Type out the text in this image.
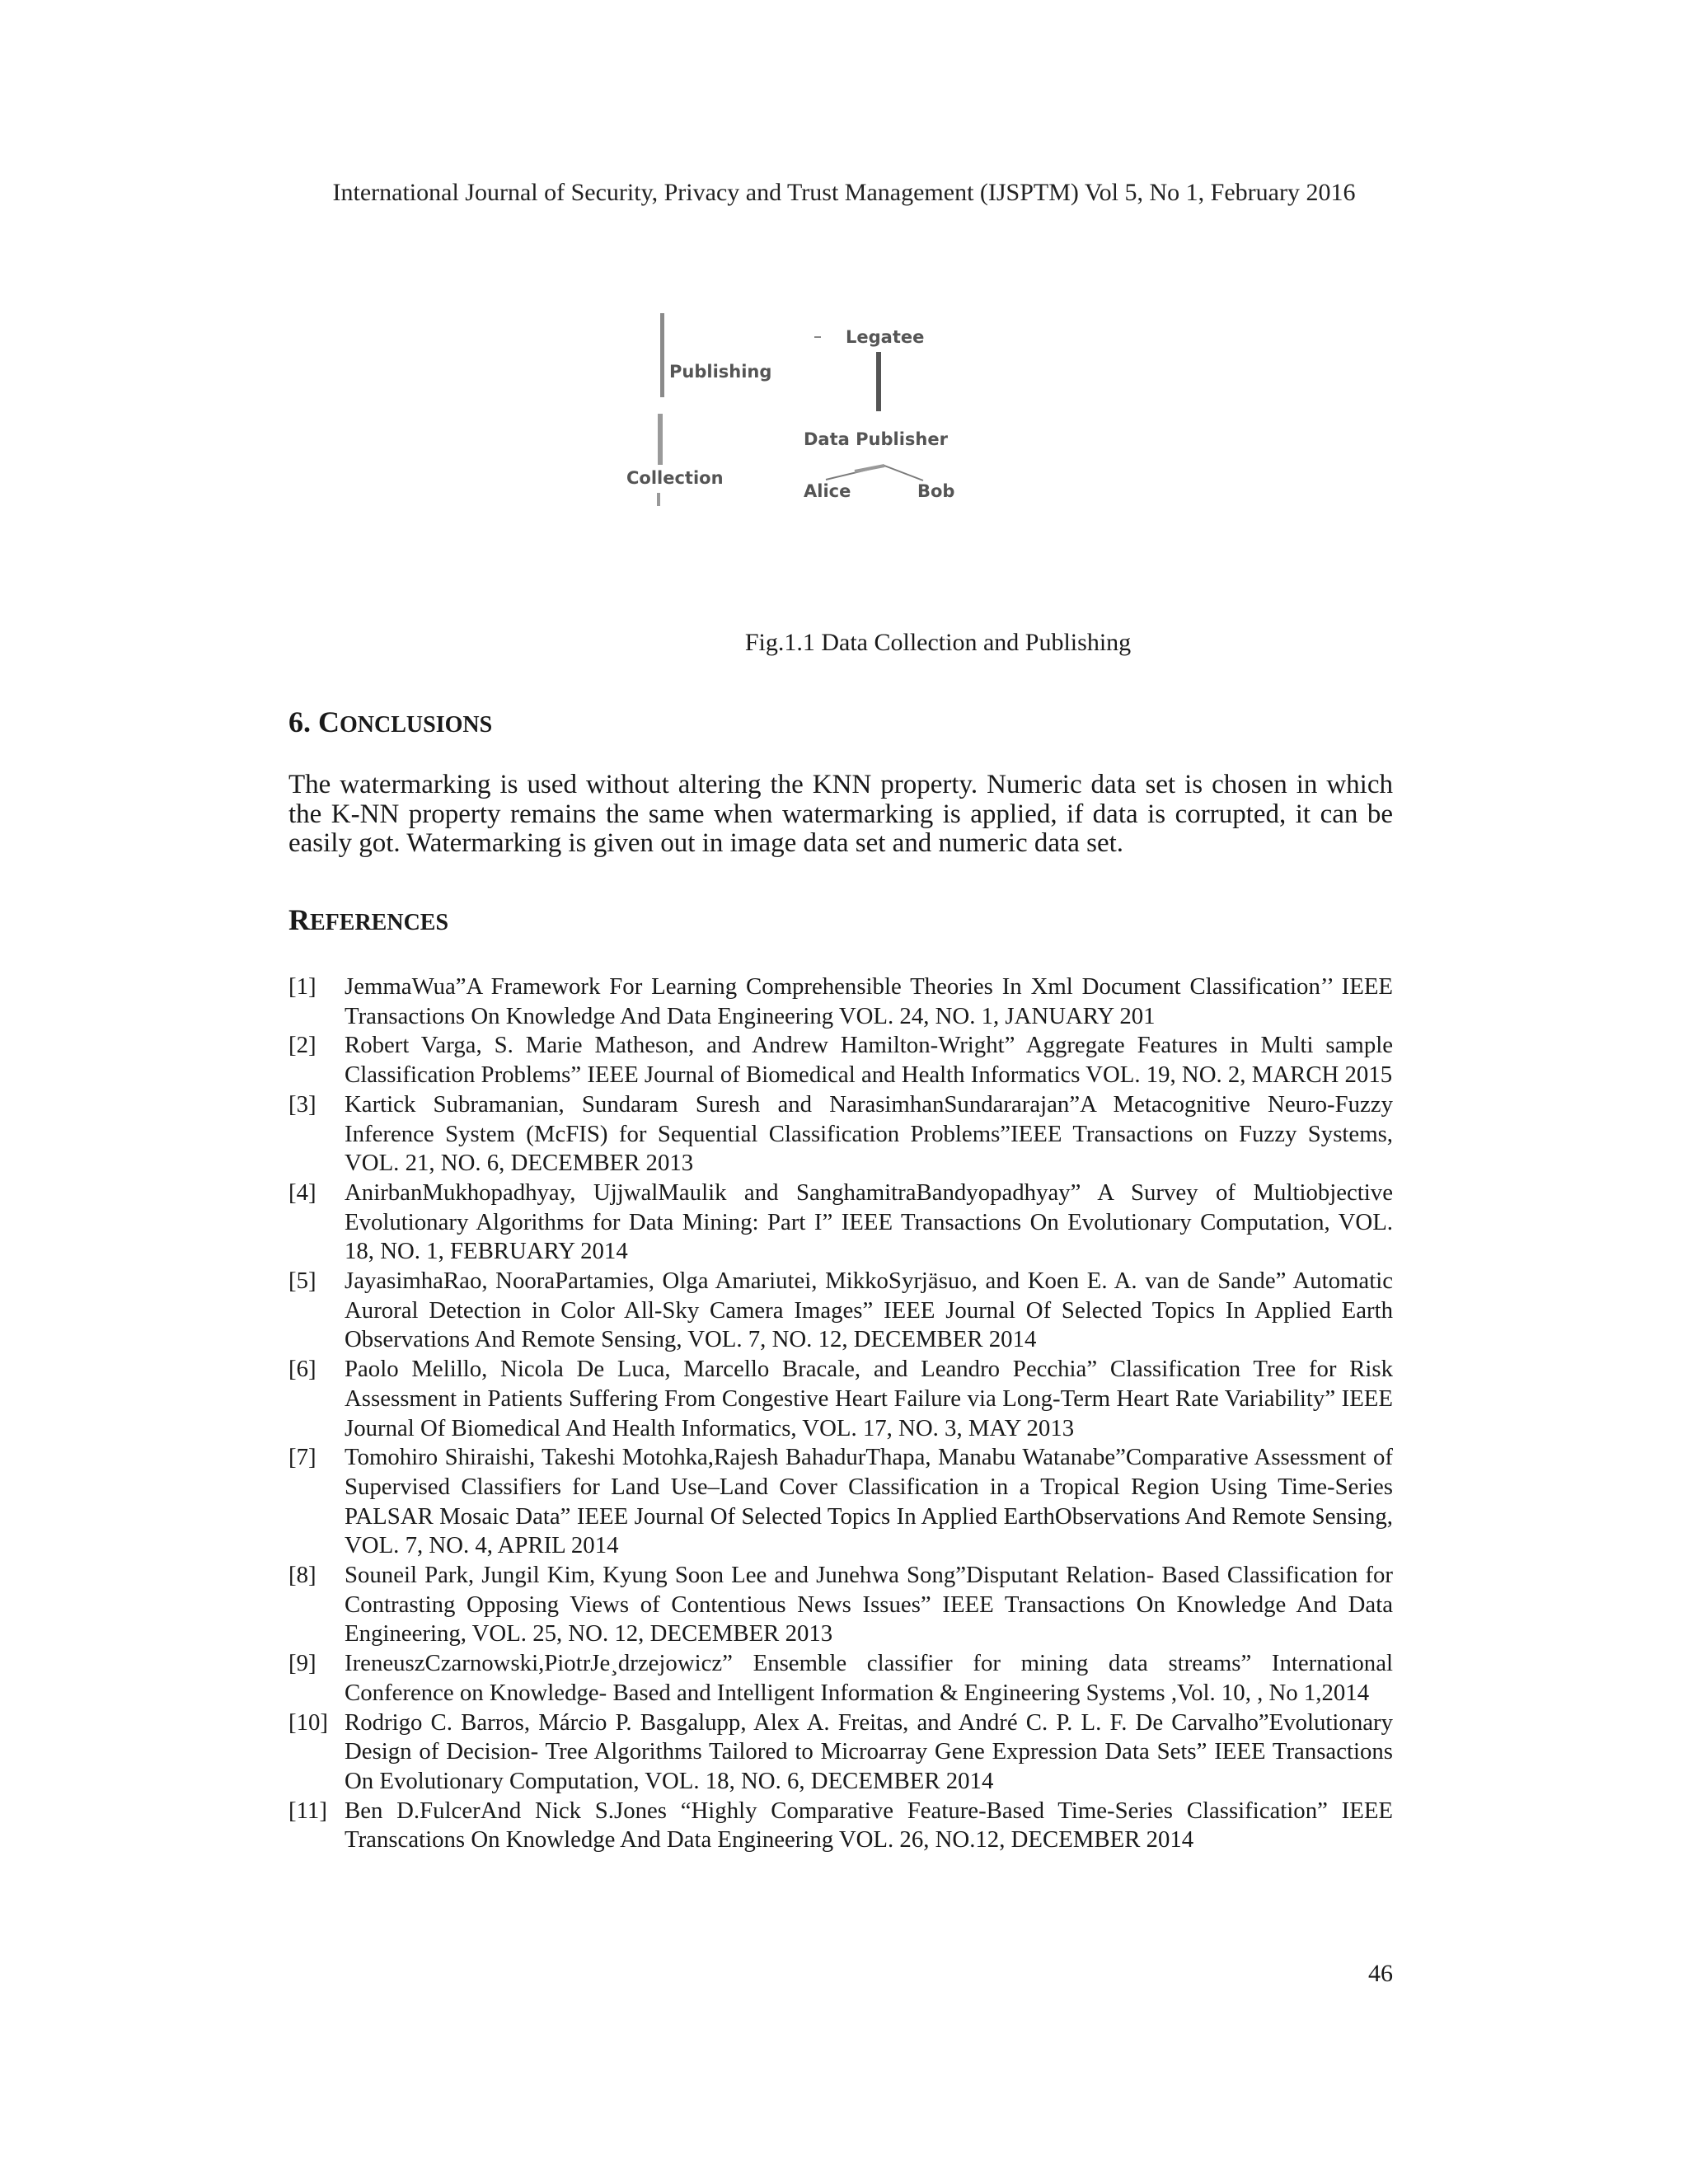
International Journal of Security, Privacy and Trust Management (IJSPTM) Vol 5, No 1, February 2016
Legatee
Publishing
Data Publisher
Collection
Alice	Bob
Fig.1.1 Data Collection and Publishing
6. CONCLUSIONS

The watermarking is used without altering the KNN property. Numeric data set is chosen in which the K-NN property remains the same when watermarking is applied, if data is corrupted, it can be easily got. Watermarking is given out in image data set and numeric data set.

REFERENCES
[1]	JemmaWua”A Framework For Learning Comprehensible Theories In Xml Document Classification’’ IEEE Transactions On Knowledge And Data Engineering VOL. 24, NO. 1, JANUARY 201
[2]	Robert Varga, S. Marie Matheson, and Andrew Hamilton-Wright” Aggregate Features in Multi sample Classification Problems” IEEE Journal of Biomedical and Health Informatics VOL. 19, NO. 2, MARCH 2015
[3]	Kartick Subramanian, Sundaram Suresh and NarasimhanSundararajan”A Metacognitive Neuro-Fuzzy Inference System (McFIS) for Sequential Classification Problems”IEEE Transactions on Fuzzy Systems, VOL. 21, NO. 6, DECEMBER 2013
[4]	AnirbanMukhopadhyay, UjjwalMaulik and SanghamitraBandyopadhyay” A Survey of Multiobjective Evolutionary Algorithms for Data Mining: Part I” IEEE Transactions On Evolutionary Computation, VOL. 18, NO. 1, FEBRUARY 2014
[5]	JayasimhaRao, NooraPartamies, Olga Amariutei, MikkoSyrjäsuo, and Koen E. A. van de Sande” Automatic Auroral Detection in Color All-Sky Camera Images” IEEE Journal Of Selected Topics In Applied Earth Observations And Remote Sensing, VOL. 7, NO. 12, DECEMBER 2014
[6]	Paolo Melillo, Nicola De Luca, Marcello Bracale, and Leandro Pecchia” Classification Tree for Risk Assessment in Patients Suffering From Congestive Heart Failure via Long-Term Heart Rate Variability” IEEE Journal Of Biomedical And Health Informatics, VOL. 17, NO. 3, MAY 2013
[7]	Tomohiro Shiraishi, Takeshi Motohka,Rajesh BahadurThapa, Manabu Watanabe”Comparative Assessment of Supervised Classifiers for Land Use–Land Cover Classification in a Tropical Region Using Time-Series PALSAR Mosaic Data” IEEE Journal Of Selected Topics In Applied EarthObservations And Remote Sensing, VOL. 7, NO. 4, APRIL 2014
[8]	Souneil Park, Jungil Kim, Kyung Soon Lee and Junehwa Song”Disputant Relation- Based Classification for Contrasting Opposing Views of Contentious News Issues” IEEE Transactions On Knowledge And Data Engineering, VOL. 25, NO. 12, DECEMBER 2013
[9]	IreneuszCzarnowski,PiotrJe¸drzejowicz” Ensemble classifier for mining data streams” International Conference on Knowledge- Based and Intelligent Information & Engineering Systems ,Vol. 10, , No 1,2014
[10] Rodrigo C. Barros, Márcio P. Basgalupp, Alex A. Freitas, and André C. P. L. F. De Carvalho”Evolutionary Design of Decision- Tree Algorithms Tailored to Microarray Gene Expression Data Sets” IEEE Transactions On Evolutionary Computation, VOL. 18, NO. 6, DECEMBER 2014
[11] Ben D.FulcerAnd Nick S.Jones “Highly Comparative Feature-Based Time-Series Classification” IEEE Transcations On Knowledge And Data Engineering VOL. 26, NO.12, DECEMBER 2014
46
